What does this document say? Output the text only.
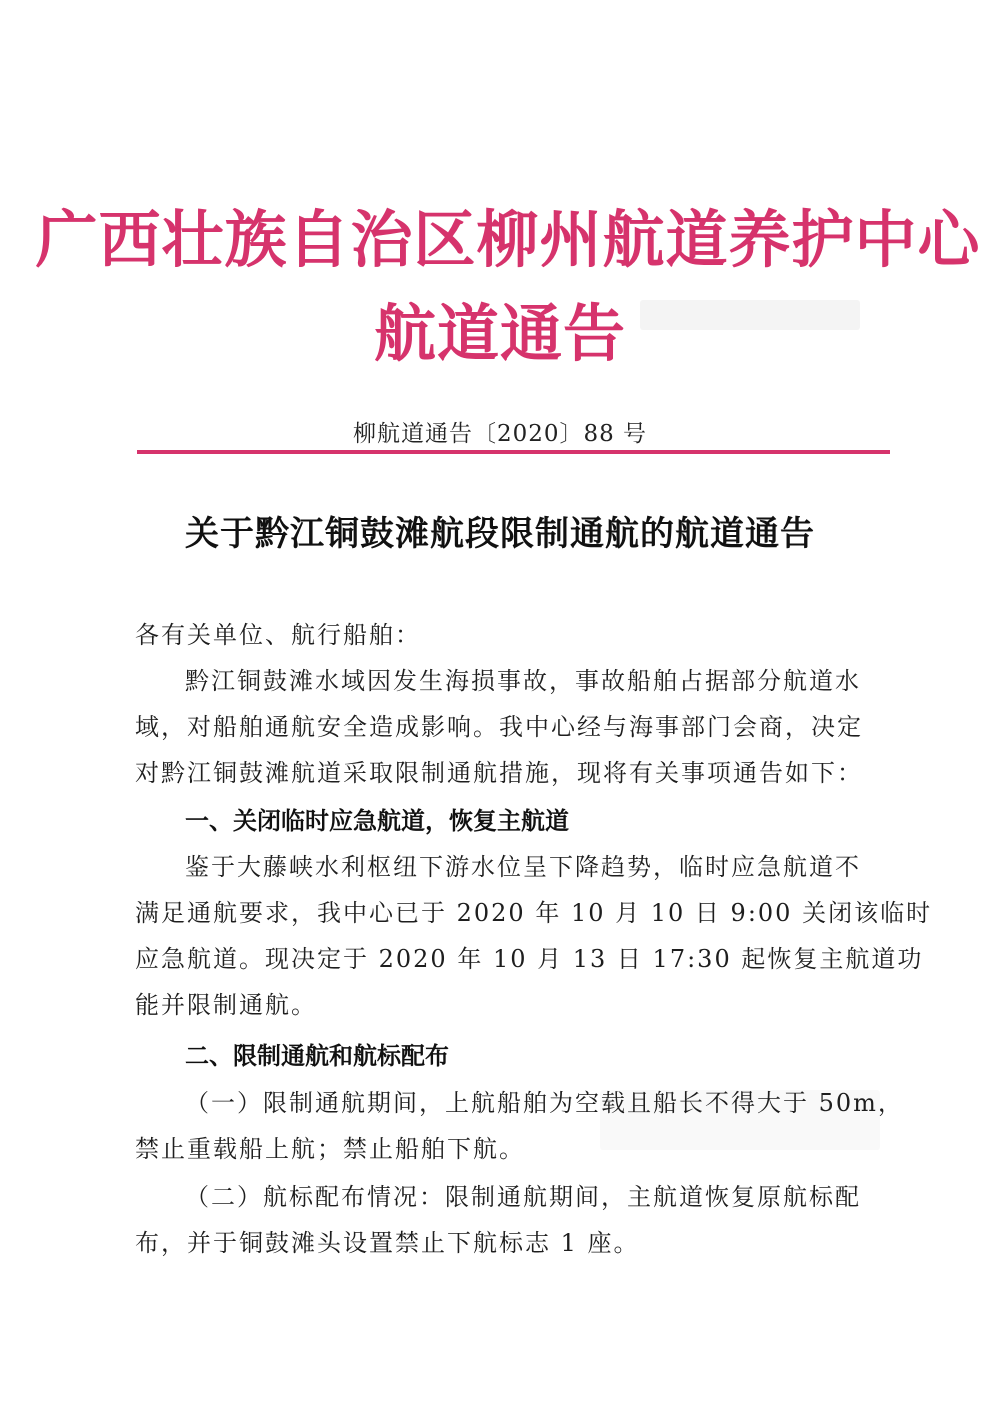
广西壮族自治区柳州航道养护中心
航道通告
柳航道通告〔2020〕88 号
关于黔江铜鼓滩航段限制通航的航道通告
各有关单位、航行船舶：
黔江铜鼓滩水域因发生海损事故，事故船舶占据部分航道水
域，对船舶通航安全造成影响。我中心经与海事部门会商，决定
对黔江铜鼓滩航道采取限制通航措施，现将有关事项通告如下：
一、关闭临时应急航道，恢复主航道
鉴于大藤峡水利枢纽下游水位呈下降趋势，临时应急航道不
满足通航要求，我中心已于 2020 年 10 月 10 日 9:00 关闭该临时
应急航道。现决定于 2020 年 10 月 13 日 17:30 起恢复主航道功
能并限制通航。
二、限制通航和航标配布
（一）限制通航期间，上航船舶为空载且船长不得大于 50m，
禁止重载船上航；禁止船舶下航。
（二）航标配布情况：限制通航期间，主航道恢复原航标配
布，并于铜鼓滩头设置禁止下航标志 1 座。
